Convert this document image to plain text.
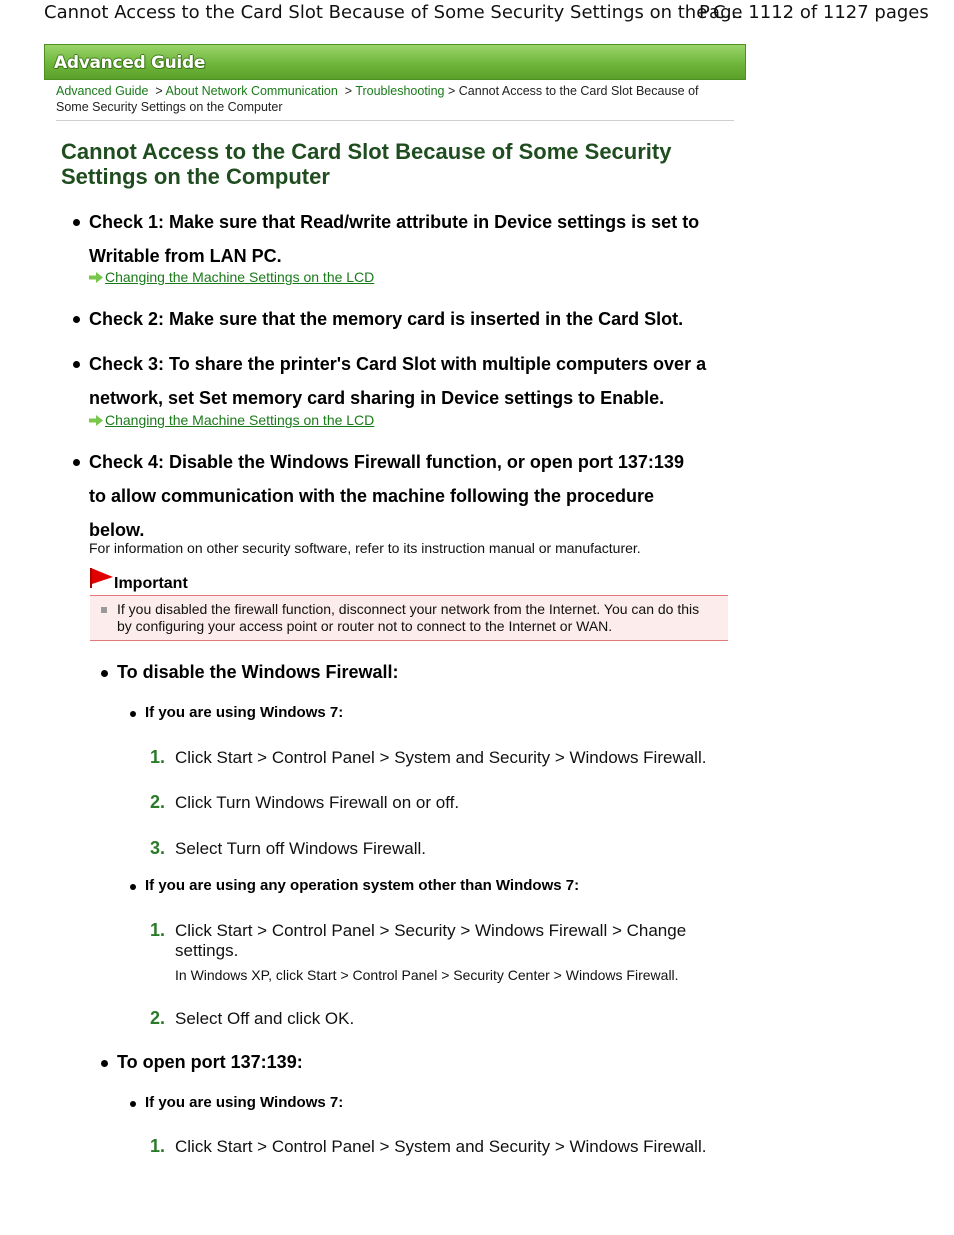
Cannot Access to the Card Slot Because of Some Security Settings on the C...
Page 1112 of 1127 pages
Advanced Guide
Advanced Guide > About Network Communication > Troubleshooting > Cannot Access to the Card Slot Because of
Some Security Settings on the Computer
Cannot Access to the Card Slot Because of Some Security
Settings on the Computer
Check 1: Make sure that Read/write attribute in Device settings is set to
Writable from LAN PC.
Changing the Machine Settings on the LCD
Check 2: Make sure that the memory card is inserted in the Card Slot.
Check 3: To share the printer's Card Slot with multiple computers over a
network, set Set memory card sharing in Device settings to Enable.
Changing the Machine Settings on the LCD
Check 4: Disable the Windows Firewall function, or open port 137:139
to allow communication with the machine following the procedure
below.
For information on other security software, refer to its instruction manual or manufacturer.
Important

If you disabled the firewall function, disconnect your network from the Internet. You can do this by configuring your access point or router not to connect to the Internet or WAN.

To disable the Windows Firewall:
If you are using Windows 7:
1. Click Start > Control Panel > System and Security > Windows Firewall.
2. Click Turn Windows Firewall on or off.
3. Select Turn off Windows Firewall.
If you are using any operation system other than Windows 7:
1. Click Start > Control Panel > Security > Windows Firewall > Change
settings.
In Windows XP, click Start > Control Panel > Security Center > Windows Firewall.
2. Select Off and click OK.
To open port 137:139:
If you are using Windows 7:
1. Click Start > Control Panel > System and Security > Windows Firewall.
